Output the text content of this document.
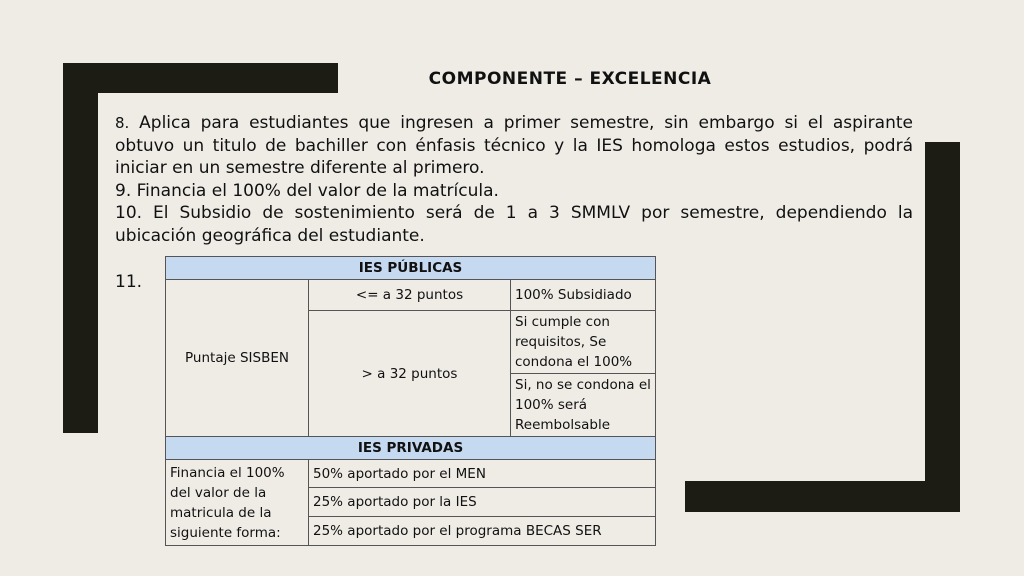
COMPONENTE – EXCELENCIA

8. Aplica para estudiantes que ingresen a primer semestre, sin embargo si el aspirante obtuvo un titulo de bachiller con énfasis técnico y la IES homologa estos estudios, podrá iniciar en un semestre diferente al primero.

9. Financia el 100% del valor de la matrícula.

10. El Subsidio de sostenimiento será de 1 a 3 SMMLV por semestre, dependiendo la ubicación geográfica del estudiante.

11.
IES PÚBLICAS		
Puntaje SISBEN	<= a 32 puntos	100% Subsidiado
	> a 32 puntos	Si cumple con requisitos, Se condona el 100%
		Si, no se condona el 100% será Reembolsable
IES PRIVADAS		
Financia el 100% del valor de la matricula de la siguiente forma:	50% aportado por el MEN	
	25% aportado por la IES	
	25% aportado por el programa BECAS SER	
